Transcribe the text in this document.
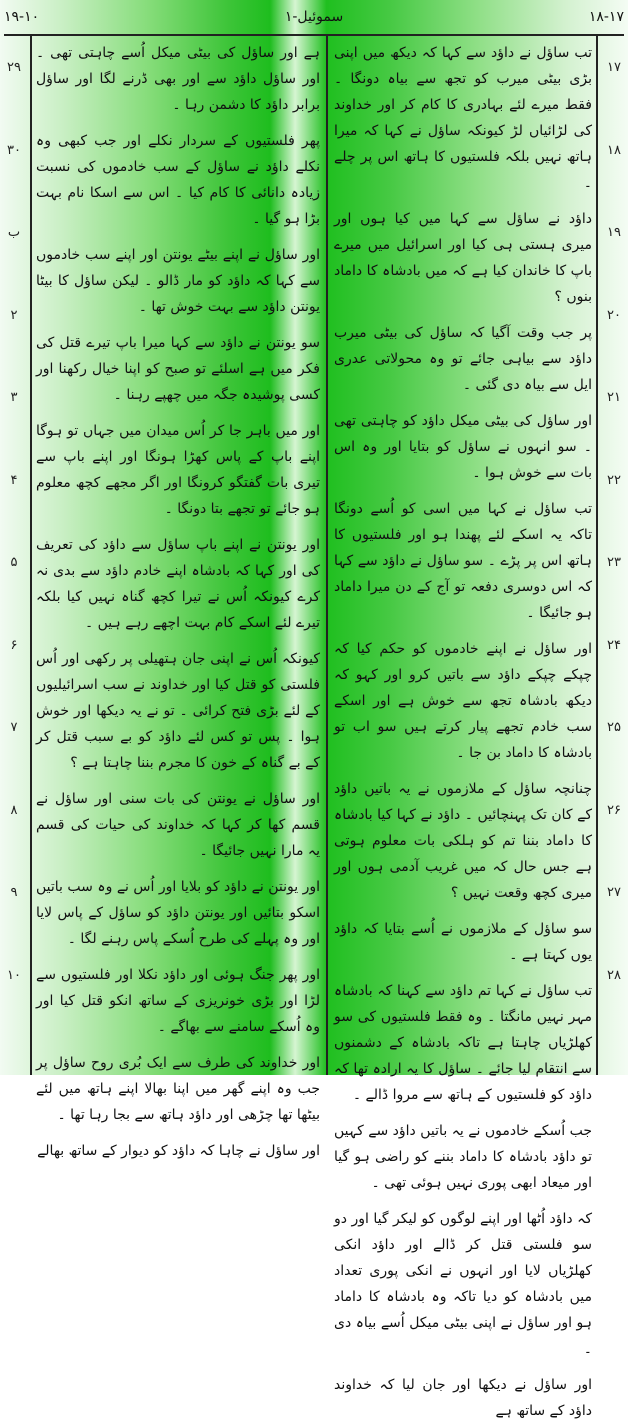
۱۹-۱۰	۱-سموئیل	۱۸-۱۷
۱۷
۱۸
۱۹
۲۰
۲۱
۲۲
۲۳
۲۴
۲۵
۲۶
۲۷
۲۸
۲۹
۳۰
ب
۲
۳
۴
۵
۶
۷
۸
۹
۱۰

تب ساؤل نے داؤد سے کہا کہ دیکھ میں اپنی بڑی بیٹی میرب کو تجھ سے بیاہ دونگا ۔ فقط میرے لئے بہادری کا کام کر اور خداوند کی لڑائیاں لڑ کیونکہ ساؤل نے کہا کہ میرا ہاتھ نہیں بلکہ فلستیوں کا ہاتھ اس پر چلے ۔

داؤد نے ساؤل سے کہا میں کیا ہوں اور میری ہستی ہی کیا اور اسرائیل میں میرے باپ کا خاندان کیا ہے کہ میں بادشاہ کا داماد بنوں ؟

پر جب وقت آگیا کہ ساؤل کی بیٹی میرب داؤد سے بیاہی جائے تو وہ محولاتی عدری ایل سے بیاہ دی گئی ۔

اور ساؤل کی بیٹی میکل داؤد کو چاہتی تھی ۔ سو انہوں نے ساؤل کو بتایا اور وہ اس بات سے خوش ہوا ۔

تب ساؤل نے کہا میں اسی کو اُسے دونگا تاکہ یہ اسکے لئے پھندا ہو اور فلستیوں کا ہاتھ اس پر پڑے ۔ سو ساؤل نے داؤد سے کہا کہ اس دوسری دفعہ تو آج کے دن میرا داماد ہو جائیگا ۔

اور ساؤل نے اپنے خادموں کو حکم کیا کہ چپکے چپکے داؤد سے باتیں کرو اور کہو کہ دیکھ بادشاہ تجھ سے خوش ہے اور اسکے سب خادم تجھے پیار کرتے ہیں سو اب تو بادشاہ کا داماد بن جا ۔

چنانچہ ساؤل کے ملازموں نے یہ باتیں داؤد کے کان تک پہنچائیں ۔ داؤد نے کہا کیا بادشاہ کا داماد بننا تم کو ہلکی بات معلوم ہوتی ہے جس حال کہ میں غریب آدمی ہوں اور میری کچھ وقعت نہیں ؟

سو ساؤل کے ملازموں نے اُسے بتایا کہ داؤد یوں کہتا ہے ۔

تب ساؤل نے کہا تم داؤد سے کہنا کہ بادشاہ مہر نہیں مانگتا ۔ وہ فقط فلستیوں کی سو کھلڑیاں چاہتا ہے تاکہ بادشاہ کے دشمنوں سے انتقام لیا جائے ۔ ساؤل کا یہ ارادہ تھا کہ داؤد کو فلستیوں کے ہاتھ سے مروا ڈالے ۔

جب اُسکے خادموں نے یہ باتیں داؤد سے کہیں تو داؤد بادشاہ کا داماد بننے کو راضی ہو گیا اور میعاد ابھی پوری نہیں ہوئی تھی ۔

کہ داؤد اُٹھا اور اپنے لوگوں کو لیکر گیا اور دو سو فلستی قتل کر ڈالے اور داؤد انکی کھلڑیاں لایا اور انہوں نے انکی پوری تعداد میں بادشاہ کو دیا تاکہ وہ بادشاہ کا داماد ہو اور ساؤل نے اپنی بیٹی میکل اُسے بیاہ دی ۔

اور ساؤل نے دیکھا اور جان لیا کہ خداوند داؤد کے ساتھ ہے

ہے اور ساؤل کی بیٹی میکل اُسے چاہتی تھی ۔ اور ساؤل داؤد سے اور بھی ڈرنے لگا اور ساؤل برابر داؤد کا دشمن رہا ۔

پھر فلستیوں کے سردار نکلے اور جب کبھی وہ نکلے داؤد نے ساؤل کے سب خادموں کی نسبت زیادہ دانائی کا کام کیا ۔ اس سے اسکا نام بہت بڑا ہو گیا ۔

اور ساؤل نے اپنے بیٹے یونتن اور اپنے سب خادموں سے کہا کہ داؤد کو مار ڈالو ۔ لیکن ساؤل کا بیٹا یونتن داؤد سے بہت خوش تھا ۔

سو یونتن نے داؤد سے کہا میرا باپ تیرے قتل کی فکر میں ہے اسلئے تو صبح کو اپنا خیال رکھنا اور کسی پوشیدہ جگہ میں چھپے رہنا ۔

اور میں باہر جا کر اُس میدان میں جہاں تو ہوگا اپنے باپ کے پاس کھڑا ہونگا اور اپنے باپ سے تیری بات گفتگو کرونگا اور اگر مجھے کچھ معلوم ہو جائے تو تجھے بتا دونگا ۔

اور یونتن نے اپنے باپ ساؤل سے داؤد کی تعریف کی اور کہا کہ بادشاہ اپنے خادم داؤد سے بدی نہ کرے کیونکہ اُس نے تیرا کچھ گناہ نہیں کیا بلکہ تیرے لئے اسکے کام بہت اچھے رہے ہیں ۔

کیونکہ اُس نے اپنی جان ہتھیلی پر رکھی اور اُس فلستی کو قتل کیا اور خداوند نے سب اسرائیلیوں کے لئے بڑی فتح کرائی ۔ تو نے یہ دیکھا اور خوش ہوا ۔ پس تو کس لئے داؤد کو بے سبب قتل کر کے بے گناہ کے خون کا مجرم بننا چاہتا ہے ؟

اور ساؤل نے یونتن کی بات سنی اور ساؤل نے قسم کھا کر کہا کہ خداوند کی حیات کی قسم یہ مارا نہیں جائیگا ۔

اور یونتن نے داؤد کو بلایا اور اُس نے وہ سب باتیں اسکو بتائیں اور یونتن داؤد کو ساؤل کے پاس لایا اور وہ پہلے کی طرح اُسکے پاس رہنے لگا ۔

اور پھر جنگ ہوئی اور داؤد نکلا اور فلستیوں سے لڑا اور بڑی خونریزی کے ساتھ انکو قتل کیا اور وہ اُسکے سامنے سے بھاگے ۔

اور خداوند کی طرف سے ایک بُری روح ساؤل پر جب وہ اپنے گھر میں اپنا بھالا اپنے ہاتھ میں لئے بیٹھا تھا چڑھی اور داؤد ہاتھ سے بجا رہا تھا ۔

اور ساؤل نے چاہا کہ داؤد کو دیوار کے ساتھ بھالے
